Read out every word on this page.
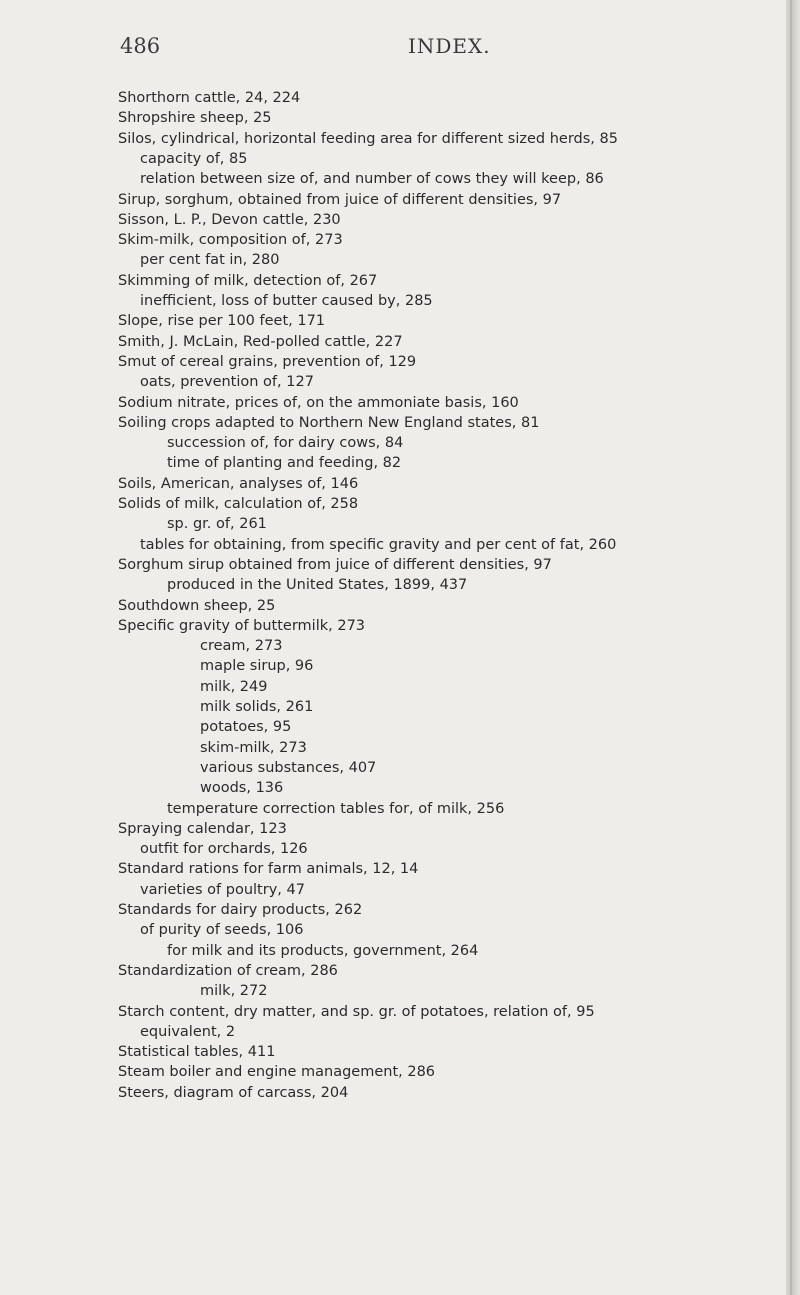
486	INDEX.
Shorthorn cattle, 24, 224
Shropshire sheep, 25
Silos, cylindrical, horizontal feeding area for different sized herds, 85
capacity of, 85
relation between size of, and number of cows they will keep, 86
Sirup, sorghum, obtained from juice of different densities, 97
Sisson, L. P., Devon cattle, 230
Skim-milk, composition of, 273
per cent fat in, 280
Skimming of milk, detection of, 267
inefficient, loss of butter caused by, 285
Slope, rise per 100 feet, 171
Smith, J. McLain, Red-polled cattle, 227
Smut of cereal grains, prevention of, 129
oats, prevention of, 127
Sodium nitrate, prices of, on the ammoniate basis, 160
Soiling crops adapted to Northern New England states, 81
succession of, for dairy cows, 84
time of planting and feeding, 82
Soils, American, analyses of, 146
Solids of milk, calculation of, 258
sp. gr. of, 261
tables for obtaining, from specific gravity and per cent of fat, 260
Sorghum sirup obtained from juice of different densities, 97
produced in the United States, 1899, 437
Southdown sheep, 25
Specific gravity of buttermilk, 273
cream, 273
maple sirup, 96
milk, 249
milk solids, 261
potatoes, 95
skim-milk, 273
various substances, 407
woods, 136
temperature correction tables for, of milk, 256
Spraying calendar, 123
outfit for orchards, 126
Standard rations for farm animals, 12, 14
varieties of poultry, 47
Standards for dairy products, 262
of purity of seeds, 106
for milk and its products, government, 264
Standardization of cream, 286
milk, 272
Starch content, dry matter, and sp. gr. of potatoes, relation of, 95
equivalent, 2
Statistical tables, 411
Steam boiler and engine management, 286
Steers, diagram of carcass, 204
